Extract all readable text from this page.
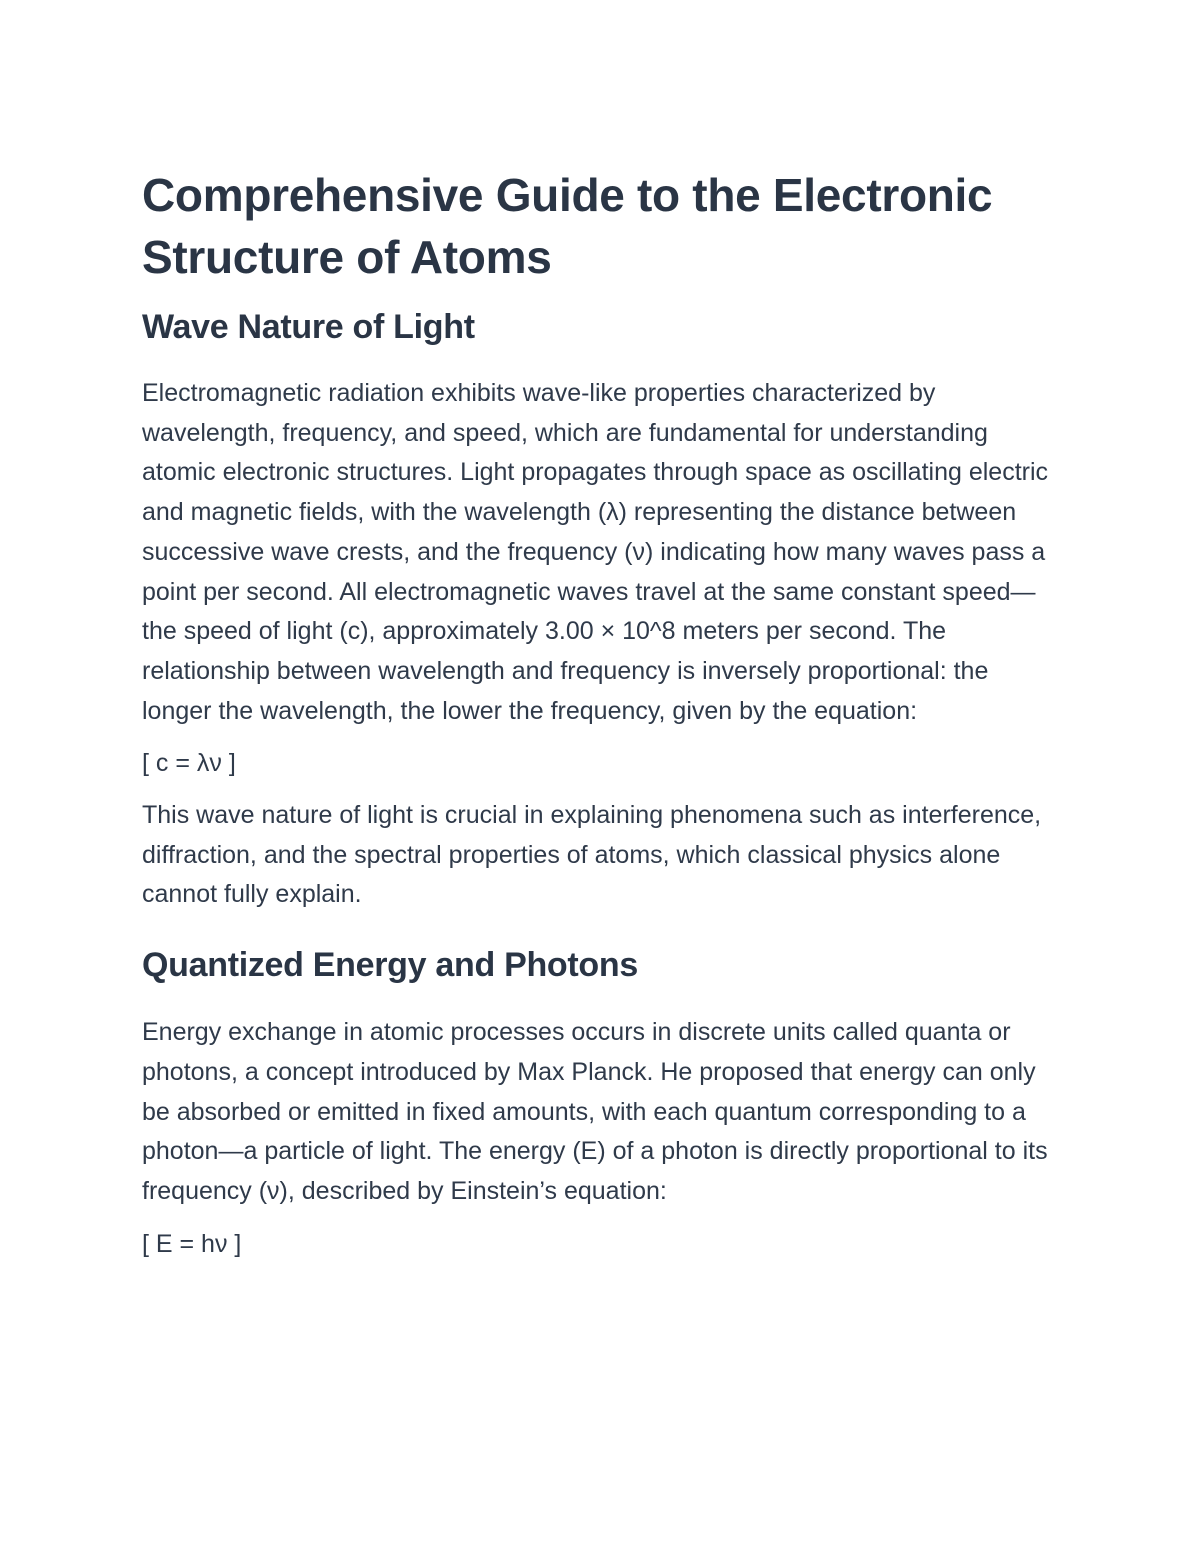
Comprehensive Guide to the Electronic Structure of Atoms
Wave Nature of Light

Electromagnetic radiation exhibits wave-like properties characterized by wavelength, frequency, and speed, which are fundamental for understanding atomic electronic structures. Light propagates through space as oscillating electric and magnetic fields, with the wavelength (λ) representing the distance between successive wave crests, and the frequency (ν) indicating how many waves pass a point per second. All electromagnetic waves travel at the same constant speed—the speed of light (c), approximately 3.00 × 10^8 meters per second. The relationship between wavelength and frequency is inversely proportional: the longer the wavelength, the lower the frequency, given by the equation:

[ c = λν ]

This wave nature of light is crucial in explaining phenomena such as interference, diffraction, and the spectral properties of atoms, which classical physics alone cannot fully explain.

Quantized Energy and Photons

Energy exchange in atomic processes occurs in discrete units called quanta or photons, a concept introduced by Max Planck. He proposed that energy can only be absorbed or emitted in fixed amounts, with each quantum corresponding to a photon—a particle of light. The energy (E) of a photon is directly proportional to its frequency (ν), described by Einstein’s equation:

[ E = hν ]
